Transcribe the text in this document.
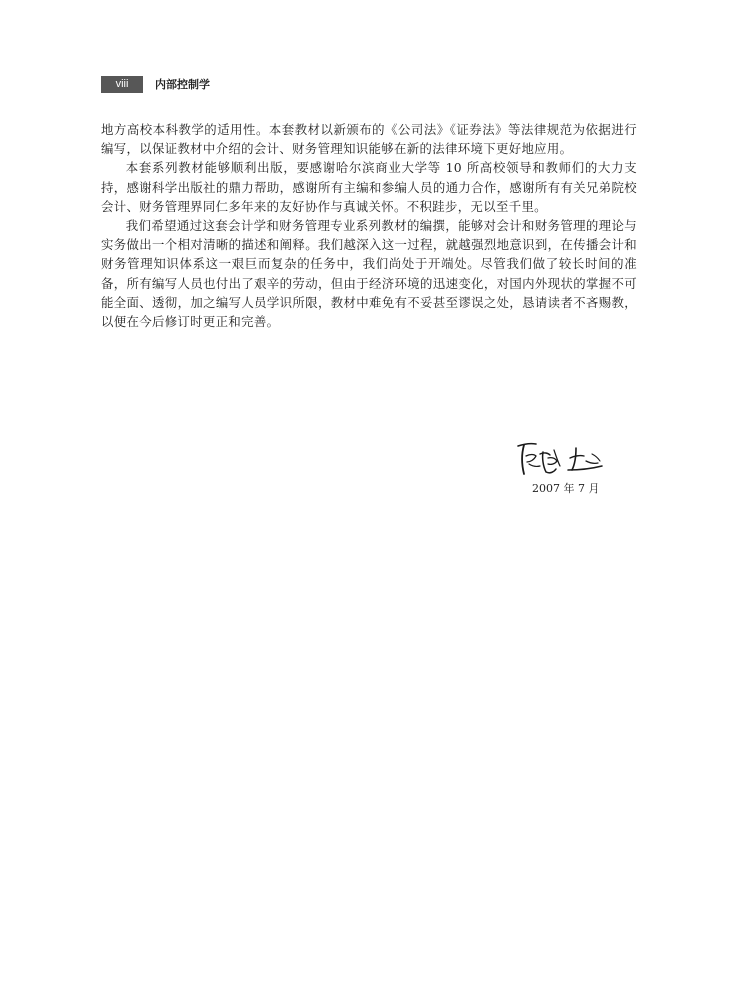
viii	内部控制学

地方高校本科教学的适用性。本套教材以新颁布的《公司法》《证券法》等法律规范为依据进行编写，以保证教材中介绍的会计、财务管理知识能够在新的法律环境下更好地应用。

本套系列教材能够顺利出版，要感谢哈尔滨商业大学等 10 所高校领导和教师们的大力支持，感谢科学出版社的鼎力帮助，感谢所有主编和参编人员的通力合作，感谢所有有关兄弟院校会计、财务管理界同仁多年来的友好协作与真诚关怀。不积跬步，无以至千里。

我们希望通过这套会计学和财务管理专业系列教材的编撰，能够对会计和财务管理的理论与实务做出一个相对清晰的描述和阐释。我们越深入这一过程，就越强烈地意识到，在传播会计和财务管理知识体系这一艰巨而复杂的任务中，我们尚处于开端处。尽管我们做了较长时间的准备，所有编写人员也付出了艰辛的劳动，但由于经济环境的迅速变化，对国内外现状的掌握不可能全面、透彻，加之编写人员学识所限，教材中难免有不妥甚至谬误之处，恳请读者不吝赐教，以便在今后修订时更正和完善。

2007 年 7 月
